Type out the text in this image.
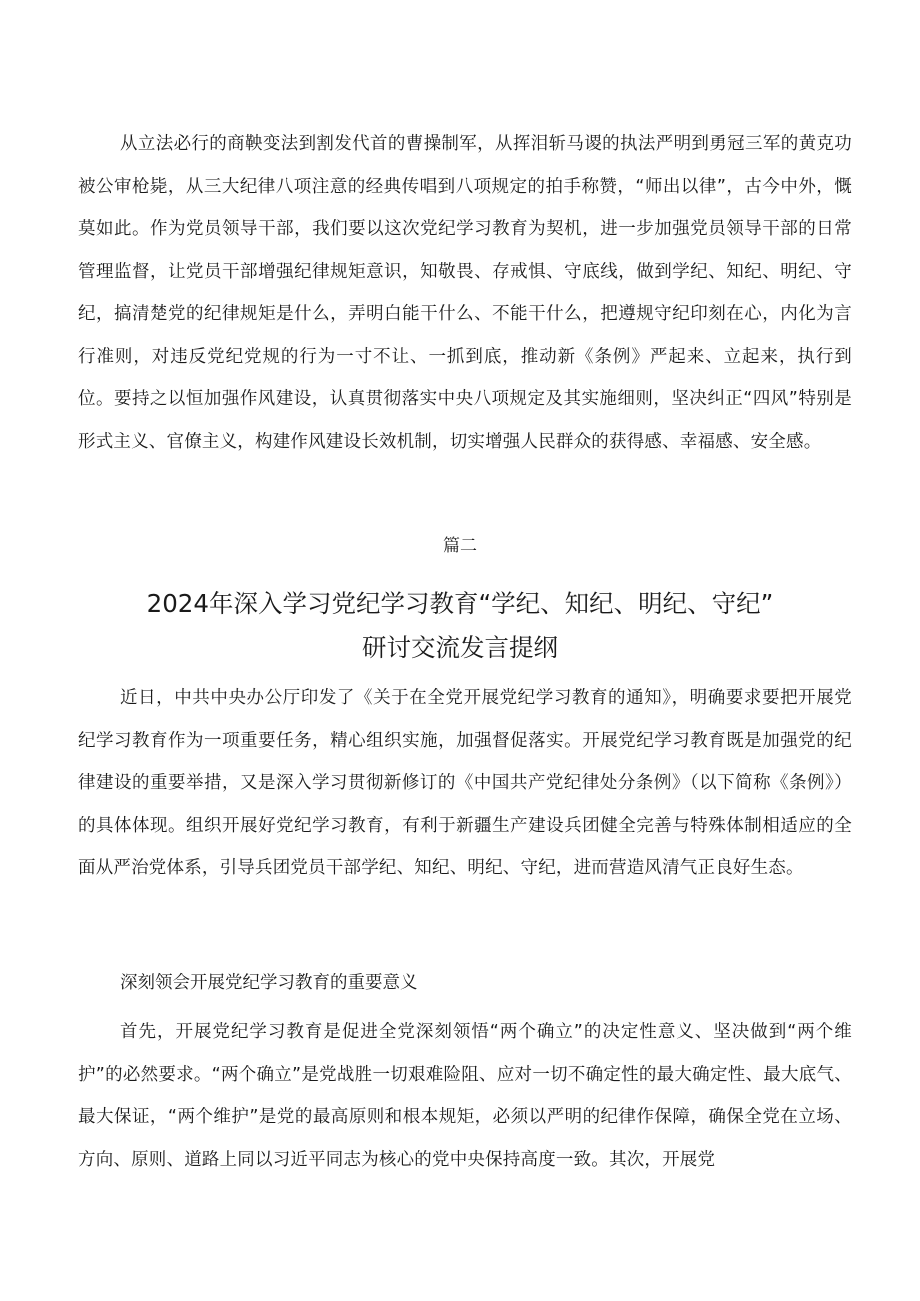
从立法必行的商鞅变法到割发代首的曹操制军，从挥泪斩马谡的执法严明到勇冠三军的黄克功被公审枪毙，从三大纪律八项注意的经典传唱到八项规定的拍手称赞，“师出以律”，古今中外，慨莫如此。作为党员领导干部，我们要以这次党纪学习教育为契机，进一步加强党员领导干部的日常管理监督，让党员干部增强纪律规矩意识，知敬畏、存戒惧、守底线，做到学纪、知纪、明纪、守纪，搞清楚党的纪律规矩是什么，弄明白能干什么、不能干什么，把遵规守纪印刻在心，内化为言行准则，对违反党纪党规的行为一寸不让、一抓到底，推动新《条例》严起来、立起来，执行到位。要持之以恒加强作风建设，认真贯彻落实中央八项规定及其实施细则，坚决纠正“四风”特别是形式主义、官僚主义，构建作风建设长效机制，切实增强人民群众的获得感、幸福感、安全感。

篇二

2024年深入学习党纪学习教育“学纪、知纪、明纪、守纪”
研讨交流发言提纲

近日，中共中央办公厅印发了《关于在全党开展党纪学习教育的通知》，明确要求要把开展党纪学习教育作为一项重要任务，精心组织实施，加强督促落实。开展党纪学习教育既是加强党的纪律建设的重要举措，又是深入学习贯彻新修订的《中国共产党纪律处分条例》（以下简称《条例》）的具体体现。组织开展好党纪学习教育，有利于新疆生产建设兵团健全完善与特殊体制相适应的全面从严治党体系，引导兵团党员干部学纪、知纪、明纪、守纪，进而营造风清气正良好生态。

深刻领会开展党纪学习教育的重要意义

首先，开展党纪学习教育是促进全党深刻领悟“两个确立”的决定性意义、坚决做到“两个维护”的必然要求。“两个确立”是党战胜一切艰难险阻、应对一切不确定性的最大确定性、最大底气、最大保证，“两个维护”是党的最高原则和根本规矩，必须以严明的纪律作保障，确保全党在立场、方向、原则、道路上同以习近平同志为核心的党中央保持高度一致。其次，开展党
